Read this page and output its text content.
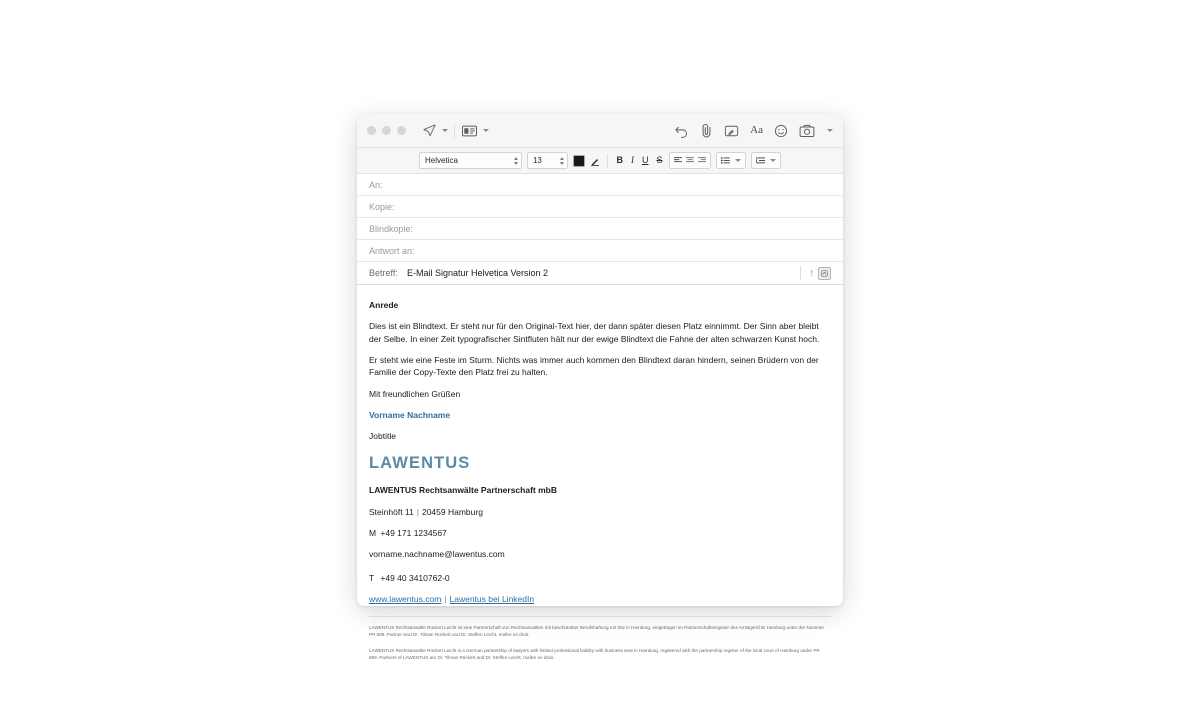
Aa
Helvetica	13	B I U S
An:
Kopie:
Blindkopie:
Antwort an:
Betreff:	E-Mail Signatur Helvetica Version 2	!

Anrede

Dies ist ein Blindtext. Er steht nur für den Original-Text hier, der dann später diesen Platz einnimmt. Der Sinn aber bleibt der Selbe. In einer Zeit typografischer Sintfluten hält nur der ewige Blindtext die Fahne der alten schwarzen Kunst hoch.

Er steht wie eine Feste im Sturm. Nichts was immer auch kommen den Blindtext daran hindern, seinen Brüdern von der Familie der Copy-Texte den Platz frei zu halten.

Mit freundlichen Grüßen

Vorname Nachname

Jobtitle

LAWENTUS

LAWENTUS Rechtsanwälte Partnerschaft mbB

Steinhöft 11 | 20459 Hamburg

M +49 171 1234567

vorname.nachname@lawentus.com

T +49 40 3410762-0

www.lawentus.com | Lawentus bei LinkedIn

LAWENTUS Rechtsanwälte Rückert Leicht ist eine Partnerschaft von Rechtsanwälten mit beschränkter Berufshaftung mit Sitz in Hamburg, eingetragen im Partnerschaftsregister des Amtsgerichts Hamburg unter der Nummer PR 889. Partner sind Dr. Tilman Rückert und Dr. Steffen Leicht, maître en droit.

LAWENTUS Rechtsanwälte Rückert Leicht is a German partnership of lawyers with limited professional liability with business seat in Hamburg, registered with the partnership register of the local court of Hamburg under PR 889. Partners of LAWENTUS are Dr. Tilman Rückert and Dr. Steffen Leicht, maître en droit.
